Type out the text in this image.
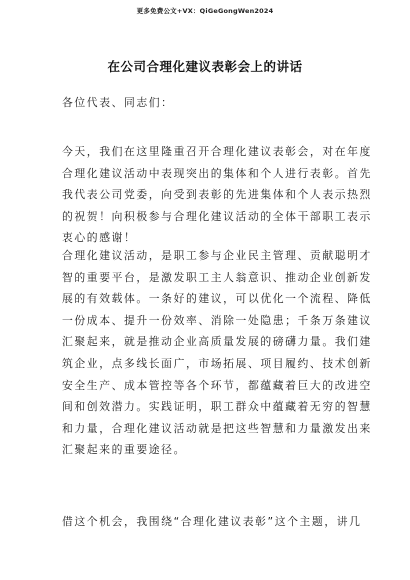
更多免费公文+VX：QiGeGongWen2024
在公司合理化建议表彰会上的讲话
各位代表、同志们：
今天，我们在这里隆重召开合理化建议表彰会，对在年度
合理化建议活动中表现突出的集体和个人进行表彰。首先
我代表公司党委，向受到表彰的先进集体和个人表示热烈
的祝贺！向积极参与合理化建议活动的全体干部职工表示
衷心的感谢！
合理化建议活动，是职工参与企业民主管理、贡献聪明才
智的重要平台，是激发职工主人翁意识、推动企业创新发
展的有效载体。一条好的建议，可以优化一个流程、降低
一份成本、提升一份效率、消除一处隐患；千条万条建议
汇聚起来，就是推动企业高质量发展的磅礴力量。我们建
筑企业，点多线长面广，市场拓展、项目履约、技术创新
安全生产、成本管控等各个环节，都蕴藏着巨大的改进空
间和创效潜力。实践证明，职工群众中蕴藏着无穷的智慧
和力量，合理化建议活动就是把这些智慧和力量激发出来
汇聚起来的重要途径。
借这个机会，我围绕“合理化建议表彰”这个主题，讲几
